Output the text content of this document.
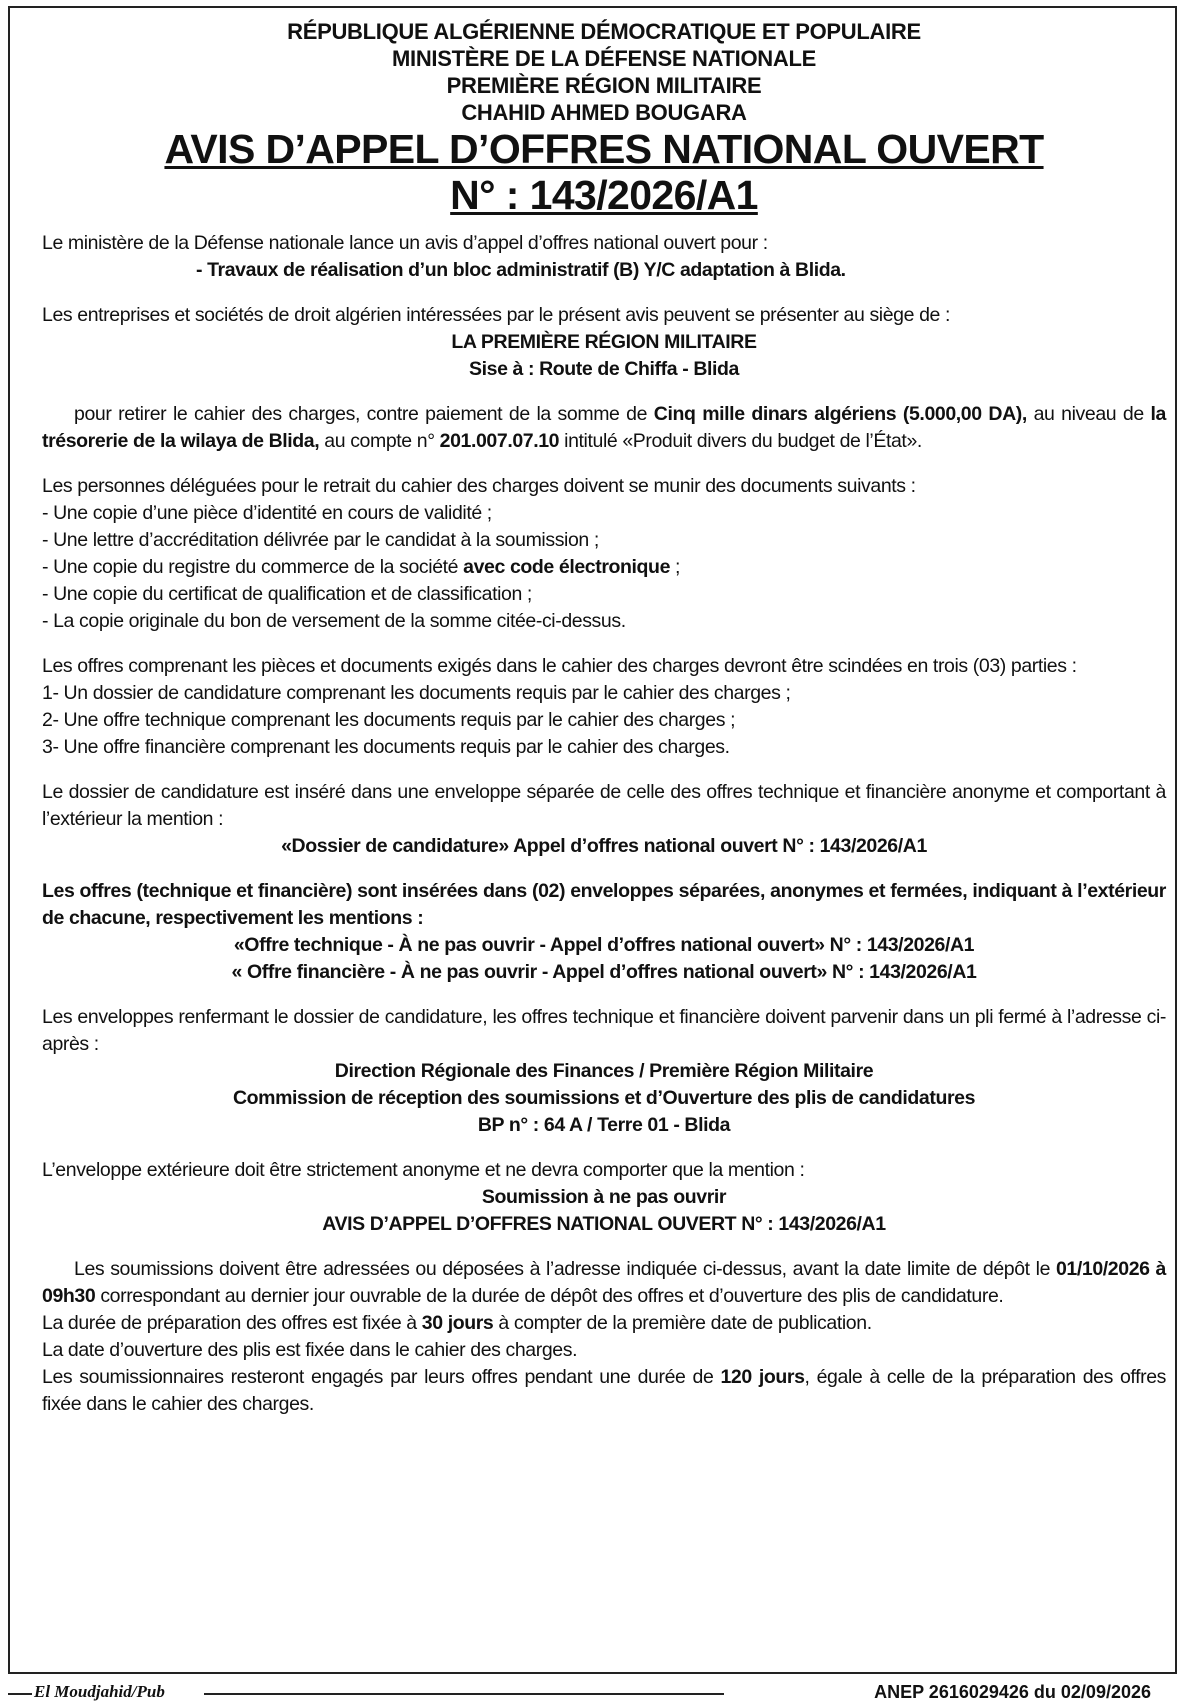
RÉPUBLIQUE ALGÉRIENNE DÉMOCRATIQUE ET POPULAIRE
MINISTÈRE DE LA DÉFENSE NATIONALE
PREMIÈRE RÉGION MILITAIRE
CHAHID AHMED BOUGARA
AVIS D’APPEL D’OFFRES NATIONAL OUVERT
N° : 143/2026/A1

Le ministère de la Défense nationale lance un avis d’appel d’offres national ouvert pour :

- Travaux de réalisation d’un bloc administratif (B) Y/C adaptation à Blida.

Les entreprises et sociétés de droit algérien intéressées par le présent avis peuvent se présenter au siège de :

LA PREMIÈRE RÉGION MILITAIRE

Sise à : Route de Chiffa - Blida

pour retirer le cahier des charges, contre paiement de la somme de Cinq mille dinars algériens (5.000,00 DA), au niveau de la trésorerie de la wilaya de Blida, au compte n° 201.007.07.10 intitulé «Produit divers du budget de l’État».

Les personnes déléguées pour le retrait du cahier des charges doivent se munir des documents suivants :

- Une copie d’une pièce d’identité en cours de validité ;

- Une lettre d’accréditation délivrée par le candidat à la soumission ;

- Une copie du registre du commerce de la société avec code électronique ;

- Une copie du certificat de qualification et de classification ;

- La copie originale du bon de versement de la somme citée-ci-dessus.

Les offres comprenant les pièces et documents exigés dans le cahier des charges devront être scindées en trois (03) parties :

1- Un dossier de candidature comprenant les documents requis par le cahier des charges ;

2- Une offre technique comprenant les documents requis par le cahier des charges ;

3- Une offre financière comprenant les documents requis par le cahier des charges.

Le dossier de candidature est inséré dans une enveloppe séparée de celle des offres technique et financière anonyme et comportant à l’extérieur la mention :

«Dossier de candidature» Appel d’offres national ouvert N° : 143/2026/A1

Les offres (technique et financière) sont insérées dans (02) enveloppes séparées, anonymes et fermées, indiquant à l’extérieur de chacune, respectivement les mentions :

«Offre technique - À ne pas ouvrir - Appel d’offres national ouvert» N° : 143/2026/A1

« Offre financière - À ne pas ouvrir - Appel d’offres national ouvert» N° : 143/2026/A1

Les enveloppes renfermant le dossier de candidature, les offres technique et financière doivent parvenir dans un pli fermé à l’adresse ci-après :

Direction Régionale des Finances / Première Région Militaire

Commission de réception des soumissions et d’Ouverture des plis de candidatures

BP n° : 64 A / Terre 01 - Blida

L’enveloppe extérieure doit être strictement anonyme et ne devra comporter que la mention :

Soumission à ne pas ouvrir

AVIS D’APPEL D’OFFRES NATIONAL OUVERT N° : 143/2026/A1

Les soumissions doivent être adressées ou déposées à l’adresse indiquée ci-dessus, avant la date limite de dépôt le 01/10/2026 à 09h30 correspondant au dernier jour ouvrable de la durée de dépôt des offres et d’ouverture des plis de candidature.

La durée de préparation des offres est fixée à 30 jours à compter de la première date de publication.

La date d’ouverture des plis est fixée dans le cahier des charges.

Les soumissionnaires resteront engagés par leurs offres pendant une durée de 120 jours, égale à celle de la préparation des offres fixée dans le cahier des charges.

El Moudjahid/Pub	ANEP 2616029426 du 02/09/2026
